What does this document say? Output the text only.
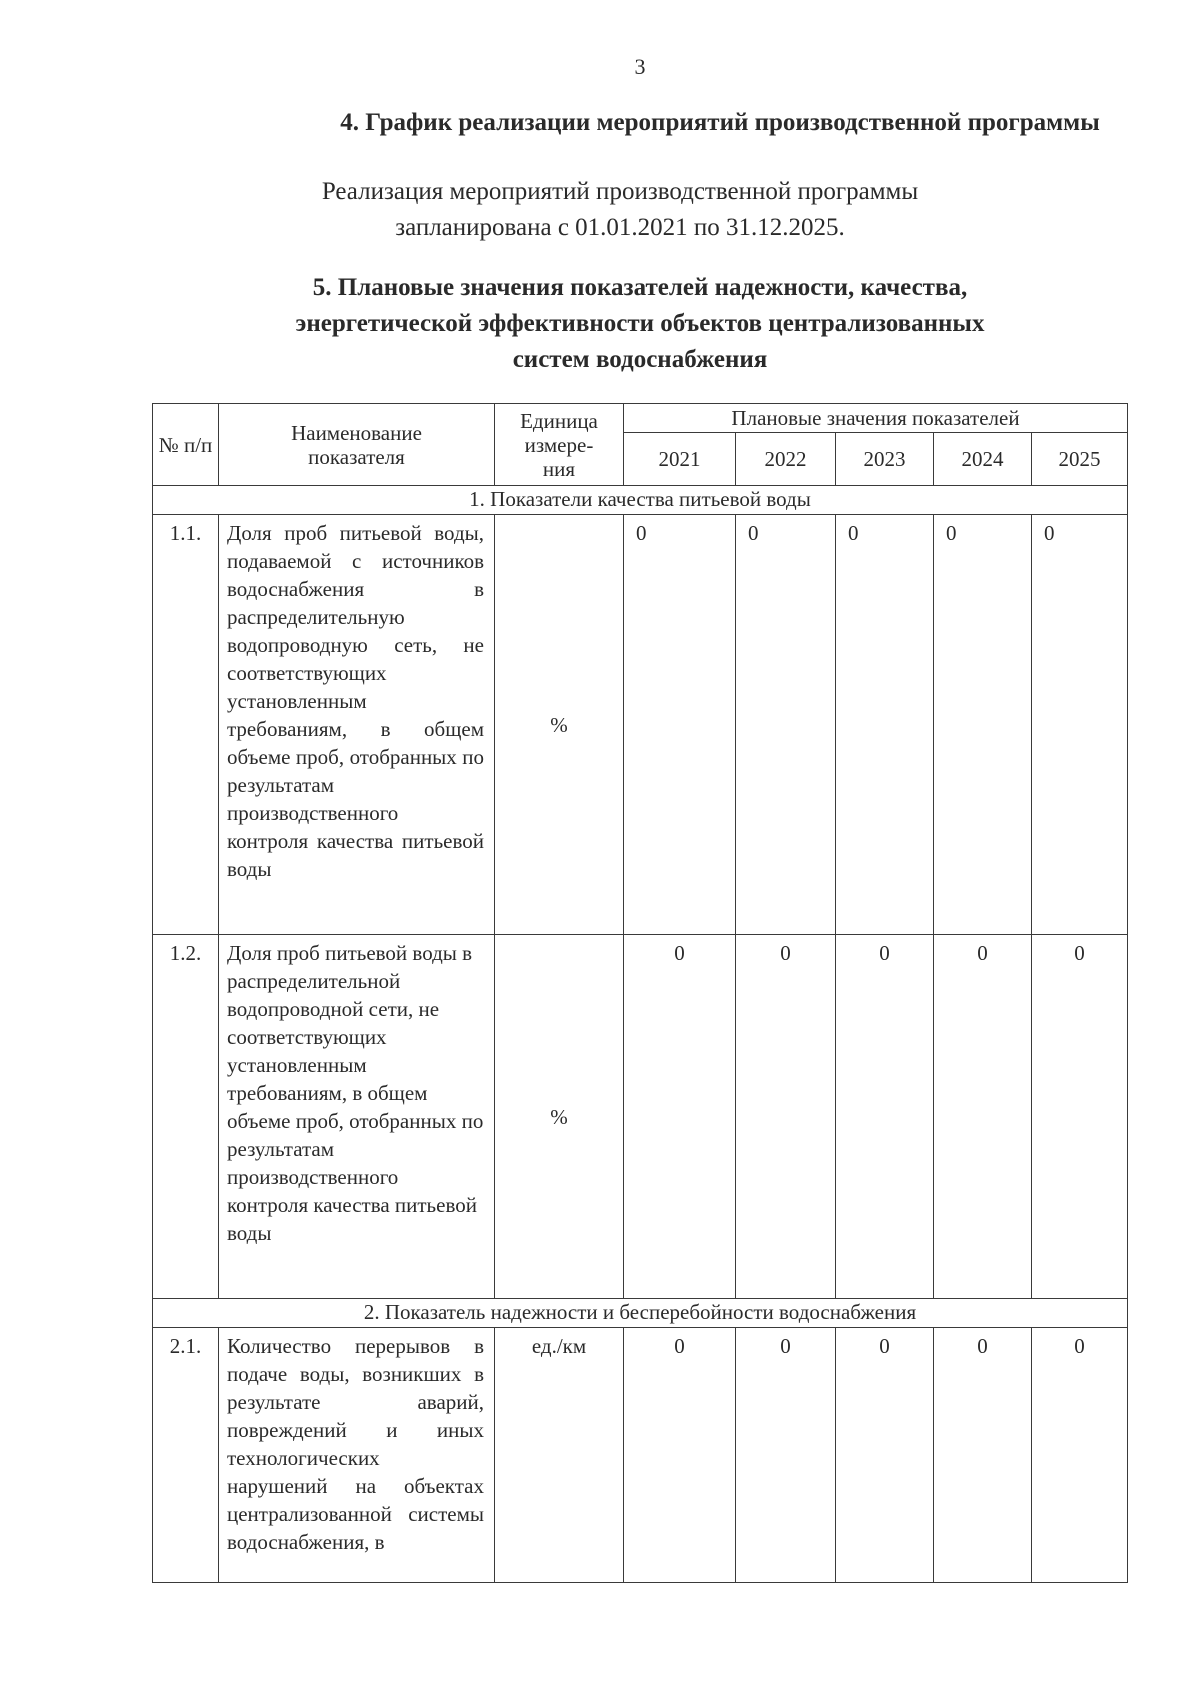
3
4. График реализации мероприятий производственной программы
Реализация мероприятий производственной программы
запланирована с 01.01.2021 по 31.12.2025.
5. Плановые значения показателей надежности, качества,
энергетической эффективности объектов централизованных
систем водоснабжения
№ п/п	Наименование показателя	Единица измере-ния	Плановые значения показателей				
			2021	2022	2023	2024	2025
1. Показатели качества питьевой воды							
1.1.	Доля проб питьевой воды, подаваемой с источников водоснабжения в распределительную водопроводную сеть, не соответствующих установленным требованиям, в общем объеме проб, отобранных по результатам производственного контроля качества питьевой воды	%	0	0	0	0	0
1.2.	Доля проб питьевой воды в распределительной водопроводной сети, не соответствующих установленным требованиям, в общем объеме проб, отобранных по результатам производственного контроля качества питьевой воды	%	0	0	0	0	0
2. Показатель надежности и бесперебойности водоснабжения							
2.1.	Количество перерывов в подаче воды, возникших в результате аварий, повреждений и иных технологических нарушений на объектах централизованной системы водоснабжения, в	ед./км	0	0	0	0	0
